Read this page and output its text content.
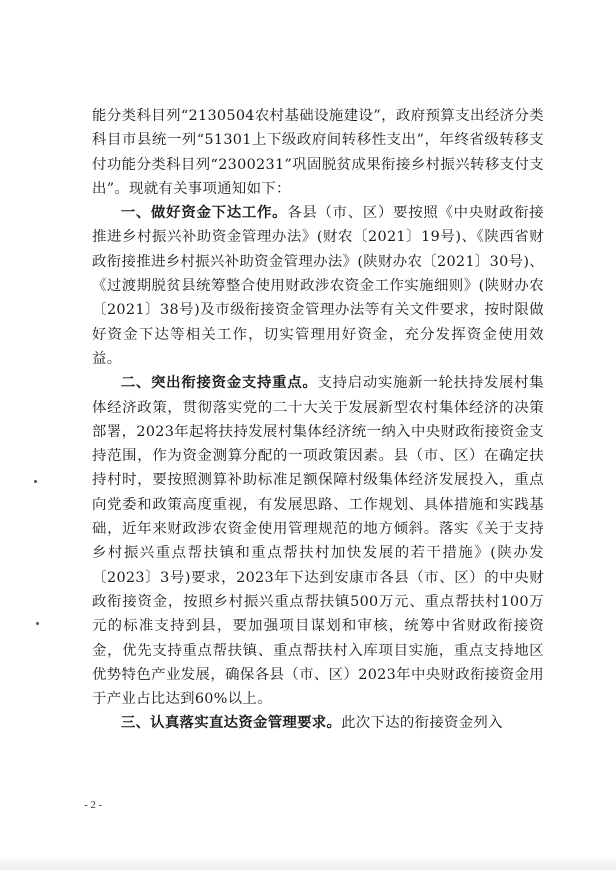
能分类科目列“2130504农村基础设施建设”，政府预算支出经济分类科目市县统一列“51301上下级政府间转移性支出”，年终省级转移支付功能分类科目列“2300231”巩固脱贫成果衔接乡村振兴转移支付支出”。现就有关事项通知如下：

一、做好资金下达工作。各县（市、区）要按照《中央财政衔接推进乡村振兴补助资金管理办法》(财农〔2021〕19号)、《陕西省财政衔接推进乡村振兴补助资金管理办法》(陕财办农〔2021〕30号)、《过渡期脱贫县统筹整合使用财政涉农资金工作实施细则》(陕财办农〔2021〕38号)及市级衔接资金管理办法等有关文件要求，按时限做好资金下达等相关工作，切实管理用好资金，充分发挥资金使用效益。

二、突出衔接资金支持重点。支持启动实施新一轮扶持发展村集体经济政策，贯彻落实党的二十大关于发展新型农村集体经济的决策部署，2023年起将扶持发展村集体经济统一纳入中央财政衔接资金支持范围，作为资金测算分配的一项政策因素。县（市、区）在确定扶持村时，要按照测算补助标准足额保障村级集体经济发展投入，重点向党委和政策高度重视，有发展思路、工作规划、具体措施和实践基础，近年来财政涉农资金使用管理规范的地方倾斜。落实《关于支持乡村振兴重点帮扶镇和重点帮扶村加快发展的若干措施》(陕办发〔2023〕3号)要求，2023年下达到安康市各县（市、区）的中央财政衔接资金，按照乡村振兴重点帮扶镇500万元、重点帮扶村100万元的标准支持到县，要加强项目谋划和审核，统筹中省财政衔接资金，优先支持重点帮扶镇、重点帮扶村入库项目实施，重点支持地区优势特色产业发展，确保各县（市、区）2023年中央财政衔接资金用于产业占比达到60%以上。

三、认真落实直达资金管理要求。此次下达的衔接资金列入

- 2 -
